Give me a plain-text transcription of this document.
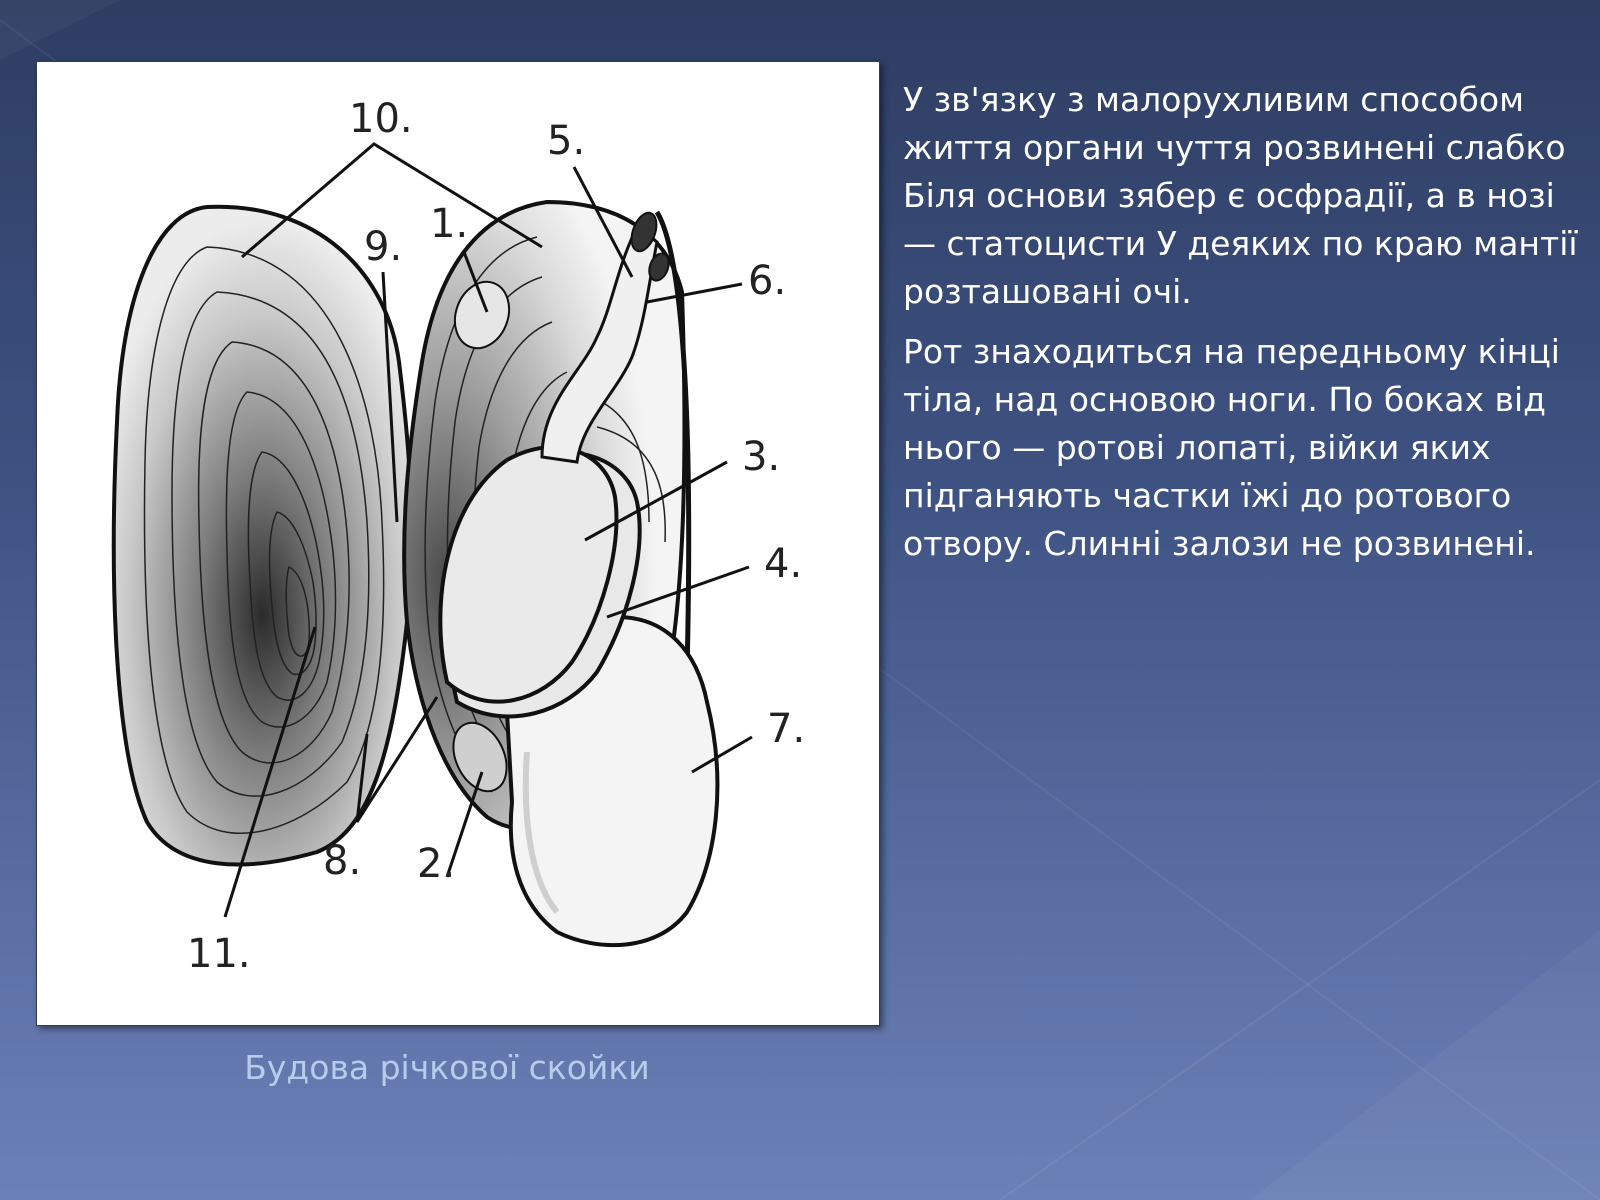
10.	5.
1.
9.
6.
3.
4.
7.
8. 2.
11.
Будова річкової скойки

У зв'язку з малорухливим способом життя органи чуття розвинені слабко Біля основи зябер є осфрадії, а в нозі — статоцисти У деяких по краю мантії розташовані очі.

Рот знаходиться на передньому кінці тіла, над основою ноги. По боках від нього — ротові лопаті, війки яких підганяють частки їжі до ротового отвору. Слинні залози не розвинені.
